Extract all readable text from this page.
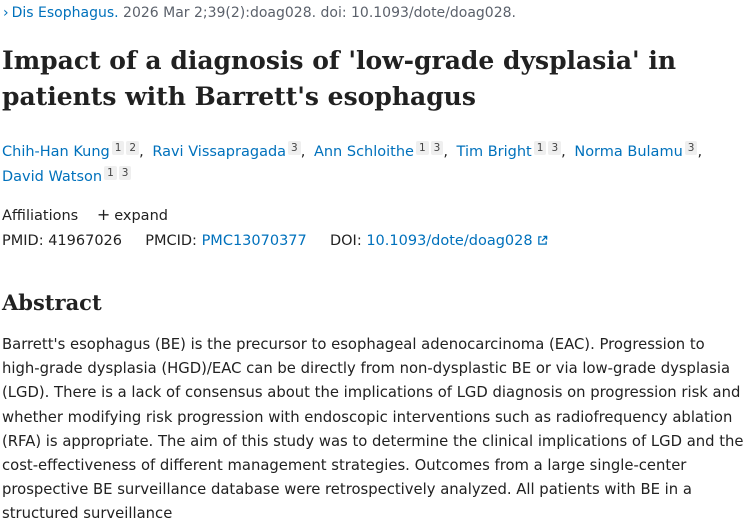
› Dis Esophagus. 2026 Mar 2;39(2):doag028. doi: 10.1093/dote/doag028.
Impact of a diagnosis of 'low-grade dysplasia' in patients with Barrett's esophagus
Chih-Han Kung 1 2 , Ravi Vissapragada 3 , Ann Schloithe 1 3 , Tim Bright 1 3 , Norma Bulamu 3 , David Watson 1 3
Affiliations + expand
PMID: 41967026 PMCID: PMC13070377 DOI: 10.1093/dote/doag028
Abstract

Barrett's esophagus (BE) is the precursor to esophageal adenocarcinoma (EAC). Progression to high-grade dysplasia (HGD)/EAC can be directly from non-dysplastic BE or via low-grade dysplasia (LGD). There is a lack of consensus about the implications of LGD diagnosis on progression risk and whether modifying risk progression with endoscopic interventions such as radiofrequency ablation (RFA) is appropriate. The aim of this study was to determine the clinical implications of LGD and the cost-effectiveness of different management strategies. Outcomes from a large single-center prospective BE surveillance database were retrospectively analyzed. All patients with BE in a structured surveillance
